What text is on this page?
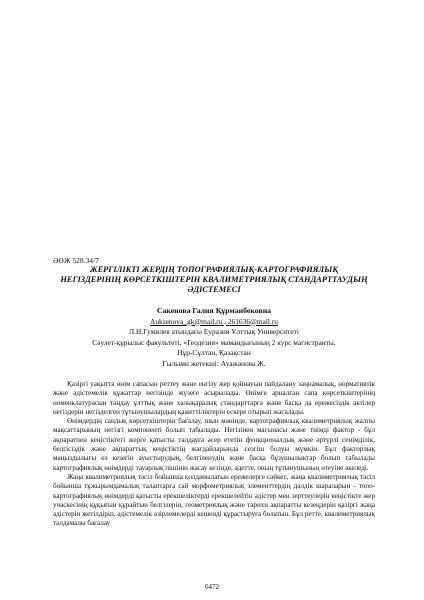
ӘӨЖ 528.34/7
ЖЕРГІЛІКТІ ЖЕРДІҢ ТОПОГРАФИЯЛЫҚ-КАРТОГРАФИЯЛЫҚ
НЕГІЗДЕРІНІҢ КӨРСЕТКІШТЕРІН КВАЛИМЕТРИЯЛЫҚ СТАНДАРТТАУДЫҢ
ӘДІСТЕМЕСІ
Сакенова Галия Құрманбековна
Auksenova_gk@mail.ru , 261636@mail.ru
Л.Н.Гумилев атындағы Еуразия Ұлттық Университеті
Сәулет-құрылыс факультеті, «Геодезия» мамандығының 2 курс магистранты,
Нұр-Сұлтан, Қазақстан
Ғылыми жетекші: Ауажанова Ж.

Қазіргі уақытта өнім сапасын реттеу және енгізу жер қойнауын пайдалану заңнамалық, нормативтік және әдістемелік құжаттар негізінде жүзеге асырылады. Өнімге арналған сапа көрсеткіштерінің номенклатурасын таңдау ұлттық және халықаралық стандарттарға және басқа да ережесіздік актілер негіздерін негізделген тұтынушылардың қажеттіліктерін ескере отырып жасалады.

Өнімдердің сандық көрсеткіштерін бағалау, шын мәнінде, картографиялық квалиметриялық жалпы мақсаттарының негізгі компоненті болып табылады. Негізінен мағынасы және тиімді фактор - бұл ақпаратпен кеңістіктегі жерге қатысты талдауға әсер ететін функционалдық және әртүрлі сенімділік, белгісіздік және ақпараттық кеңістіктің жағдайларында сезгіш болуы мүмкін. Бұл факторлық маңыздылығы өз кезегін ауыстырудың, белгіленудің және басқа бұзушылықтар болып табылады картографиялық өнімдерді тауарлық пішінін жасау кезінде, әдетте, оның тұтынушының өтеуіне әкеледі.

Жаңа квалиметриялық тәсіл бойынша қолданылатын ережелерге сәйкес, жаңа квалиметриялық тәсіл бойынша тұжырымдамалық талаптарға сай морфометриялық элементтердің дәлдік шараларын - топо-картографиялық өнімдерді қатысты ерекшеліктерді ерекшелейтін әдістер мен зерттеулерін кеңістікте жер учаскесінің құқығын құрайтын белгілерін, геометриялық және тарихи ақпаратты кезеңдерін қазіргі жаңа әдістерін жетілдіріп, әдістемелік әзірлемелерді кешенді құрастыруға болатын. Бұл ретте, квалиметриялық талдамалы бағалау

6472
